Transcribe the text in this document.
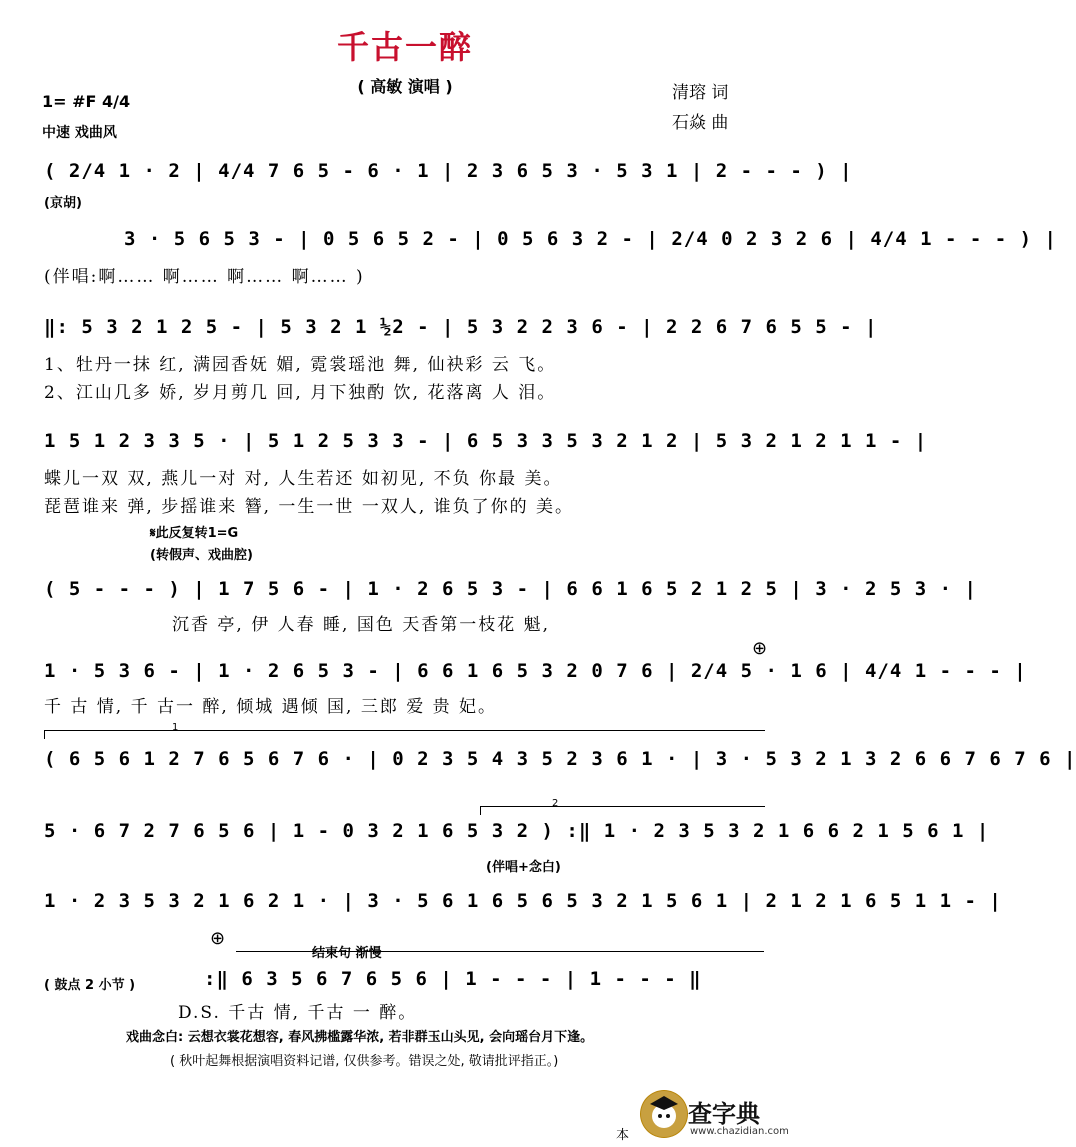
千古一醉
( 高敏 演唱 )
1= #F 4/4
中速 戏曲风
清瑢 词
石焱 曲
( 2/4 1 · 2 | 4/4 7 6 5 - 6 · 1 | 2 3 6 5 3 · 5 3 1 | 2 - - - ) |
(京胡)
3 · 5 6 5 3 - | 0 5 6 5 2 - | 0 5 6 3 2 - | 2/4 0 2 3 2 6 | 4/4 1 - - - ) |
(伴唱:啊…… 啊…… 啊…… 啊…… )
‖: 5 3 2 1 2 5 - | 5 3 2 1 ½2 - | 5 3 2 2 3 6 - | 2 2 6 7 6 5 5 - |
1、牡丹一抹 红, 满园香妩 媚, 霓裳瑶池 舞, 仙袂彩 云 飞。
2、江山几多 娇, 岁月剪几 回, 月下独酌 饮, 花落离 人 泪。
1 5 1 2 3 3 5 · | 5 1 2 5 3 3 - | 6 5 3 3 5 3 2 1 2 | 5 3 2 1 2 1 1 - |
蝶儿一双 双, 燕儿一对 对, 人生若还 如初见, 不负 你最 美。
琵琶谁来 弹, 步摇谁来 簪, 一生一世 一双人, 谁负了你的 美。
𝄋此反复转1=G
(转假声、戏曲腔)
( 5 - - - ) | 1 7 5 6 - | 1 · 2 6 5 3 - | 6 6 1 6 5 2 1 2 5 | 3 · 2 5 3 · |
沉香 亭, 伊 人春 睡, 国色 天香第一枝花 魁,
1 · 5 3 6 - | 1 · 2 6 5 3 - | 6 6 1 6 5 3 2 0 7 6 | 2/4 5 · 1 6 | 4/4 1 - - - |
千 古 情, 千 古一 醉, 倾城 遇倾 国, 三郎 爱 贵 妃。
⊕
1
( 6 5 6 1 2 7 6 5 6 7 6 · | 0 2 3 5 4 3 5 2 3 6 1 · | 3 · 5 3 2 1 3 2 6 6 7 6 7 6 |
2
5 · 6 7 2 7 6 5 6 | 1 - 0 3 2 1 6 5 3 2 ) :‖ 1 · 2 3 5 3 2 1 6 6 2 1 5 6 1 |
(伴唱+念白)
1 · 2 3 5 3 2 1 6 2 1 · | 3 · 5 6 1 6 5 6 5 3 2 1 5 6 1 | 2 1 2 1 6 5 1 1 - |
⊕
结束句 渐慢
( 鼓点 2 小节 )	:‖ 6 3 5 6 7 6 5 6 | 1 - - - | 1 - - - ‖
D.S. 千古 情, 千古 一 醉。
戏曲念白: 云想衣裳花想容, 春风拂槛露华浓, 若非群玉山头见, 会向瑶台月下逢。
( 秋叶起舞根据演唱资料记谱, 仅供参考。错误之处, 敬请批评指正。)
本
查字典
www.chazidian.com
